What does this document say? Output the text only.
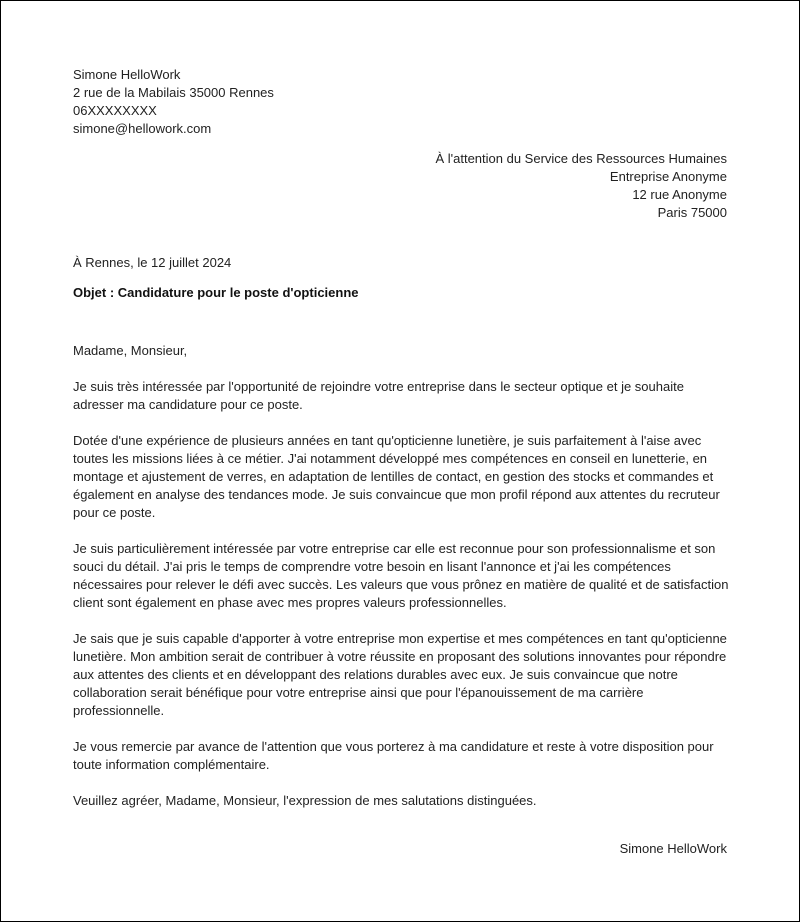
Simone HelloWork
2 rue de la Mabilais 35000 Rennes
06XXXXXXXX
simone@hellowork.com
À l'attention du Service des Ressources Humaines
Entreprise Anonyme
12 rue Anonyme
Paris 75000
À Rennes, le 12 juillet 2024
Objet : Candidature pour le poste d'opticienne

Madame, Monsieur,

Je suis très intéressée par l'opportunité de rejoindre votre entreprise dans le secteur optique et je souhaite adresser ma candidature pour ce poste.

Dotée d'une expérience de plusieurs années en tant qu'opticienne lunetière, je suis parfaitement à l'aise avec toutes les missions liées à ce métier. J'ai notamment développé mes compétences en conseil en lunetterie, en montage et ajustement de verres, en adaptation de lentilles de contact, en gestion des stocks et commandes et également en analyse des tendances mode. Je suis convaincue que mon profil répond aux attentes du recruteur pour ce poste.

Je suis particulièrement intéressée par votre entreprise car elle est reconnue pour son professionnalisme et son souci du détail. J'ai pris le temps de comprendre votre besoin en lisant l'annonce et j'ai les compétences nécessaires pour relever le défi avec succès. Les valeurs que vous prônez en matière de qualité et de satisfaction client sont également en phase avec mes propres valeurs professionnelles.

Je sais que je suis capable d'apporter à votre entreprise mon expertise et mes compétences en tant qu'opticienne lunetière. Mon ambition serait de contribuer à votre réussite en proposant des solutions innovantes pour répondre aux attentes des clients et en développant des relations durables avec eux. Je suis convaincue que notre collaboration serait bénéfique pour votre entreprise ainsi que pour l'épanouissement de ma carrière professionnelle.

Je vous remercie par avance de l'attention que vous porterez à ma candidature et reste à votre disposition pour toute information complémentaire.

Veuillez agréer, Madame, Monsieur, l'expression de mes salutations distinguées.

Simone HelloWork
